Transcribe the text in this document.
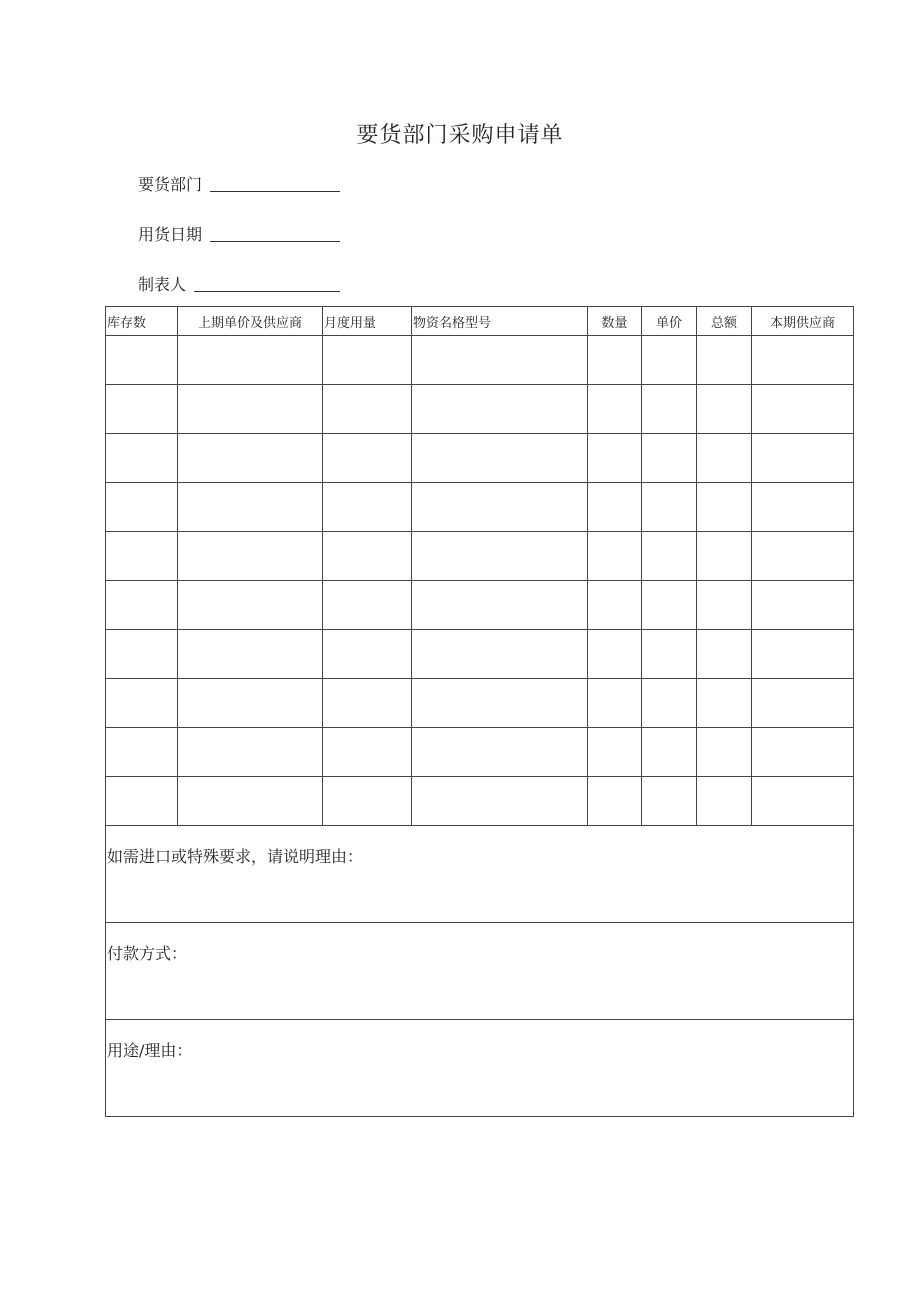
要货部门采购申请单
要货部门
用货日期
制表人
库存数	上期单价及供应商	月度用量	物资名格型号	数量	单价	总额	本期供应商

如需进口或特殊要求，请说明理由：							

付款方式：							

用途/理由：							
